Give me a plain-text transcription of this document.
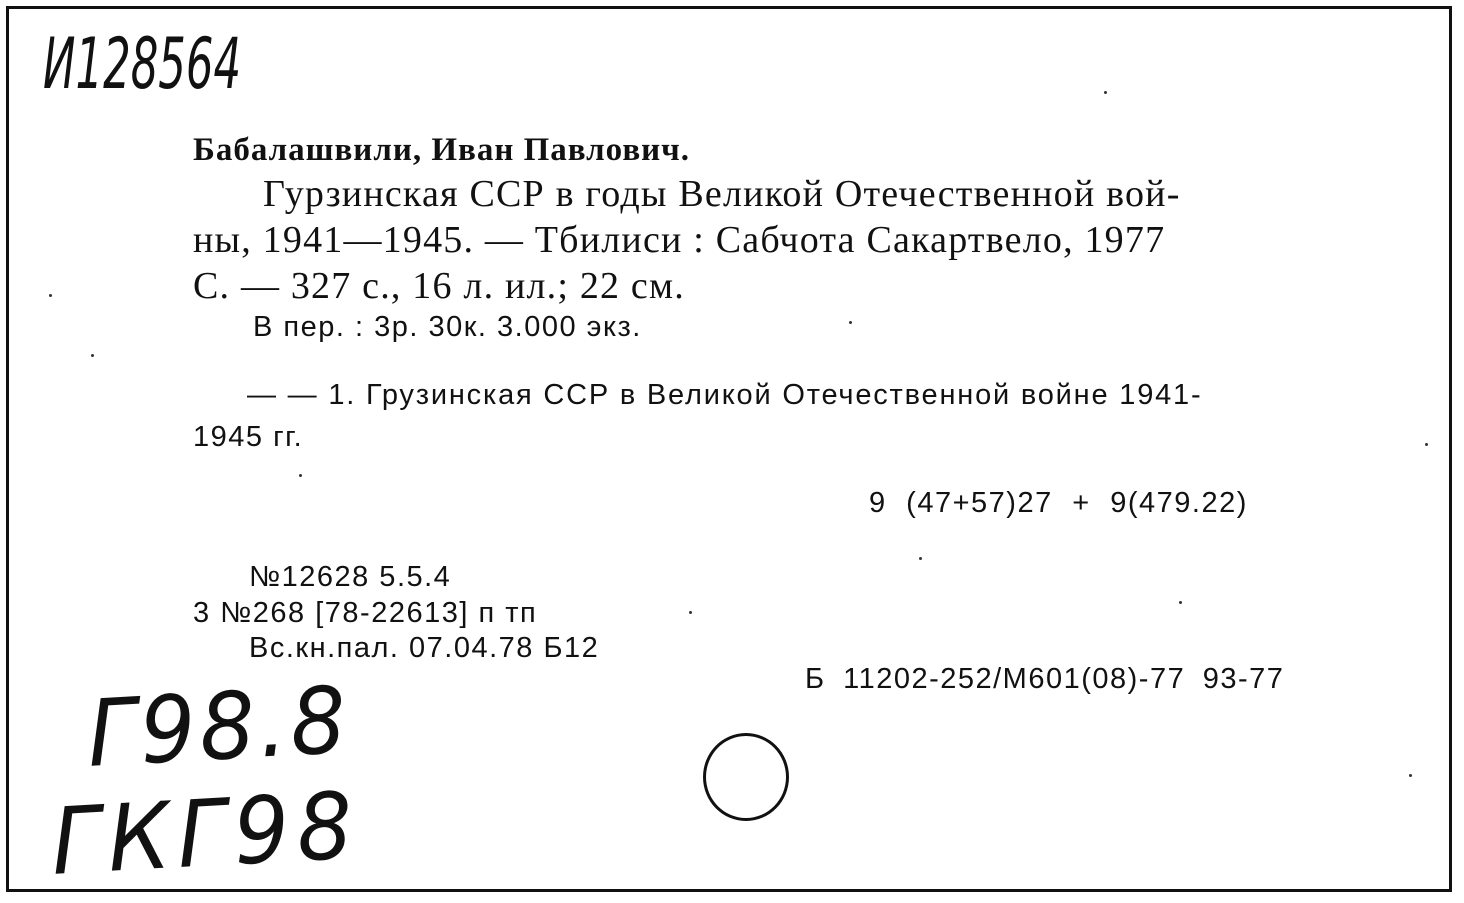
И128564
Бабалашвили, Иван Павлович.
Гурзинская ССР в годы Великой Отечественной вой-
ны, 1941—1945. — Тбилиси : Сабчота Сакартвело, 1977
С. — 327 с., 16 л. ил.; 22 см.
В пер. : 3р. 30к. 3.000 экз.
— — 1. Грузинская ССР в Великой Отечественной войне 1941-
1945 гг.
9 (47+57)27 + 9(479.22)
№12628 5.5.4
3 №268 [78-22613] п тп
Вс.кн.пал. 07.04.78 Б12
Б 11202-252/М601(08)-77 93-77
Г98.8
ГКГ98
